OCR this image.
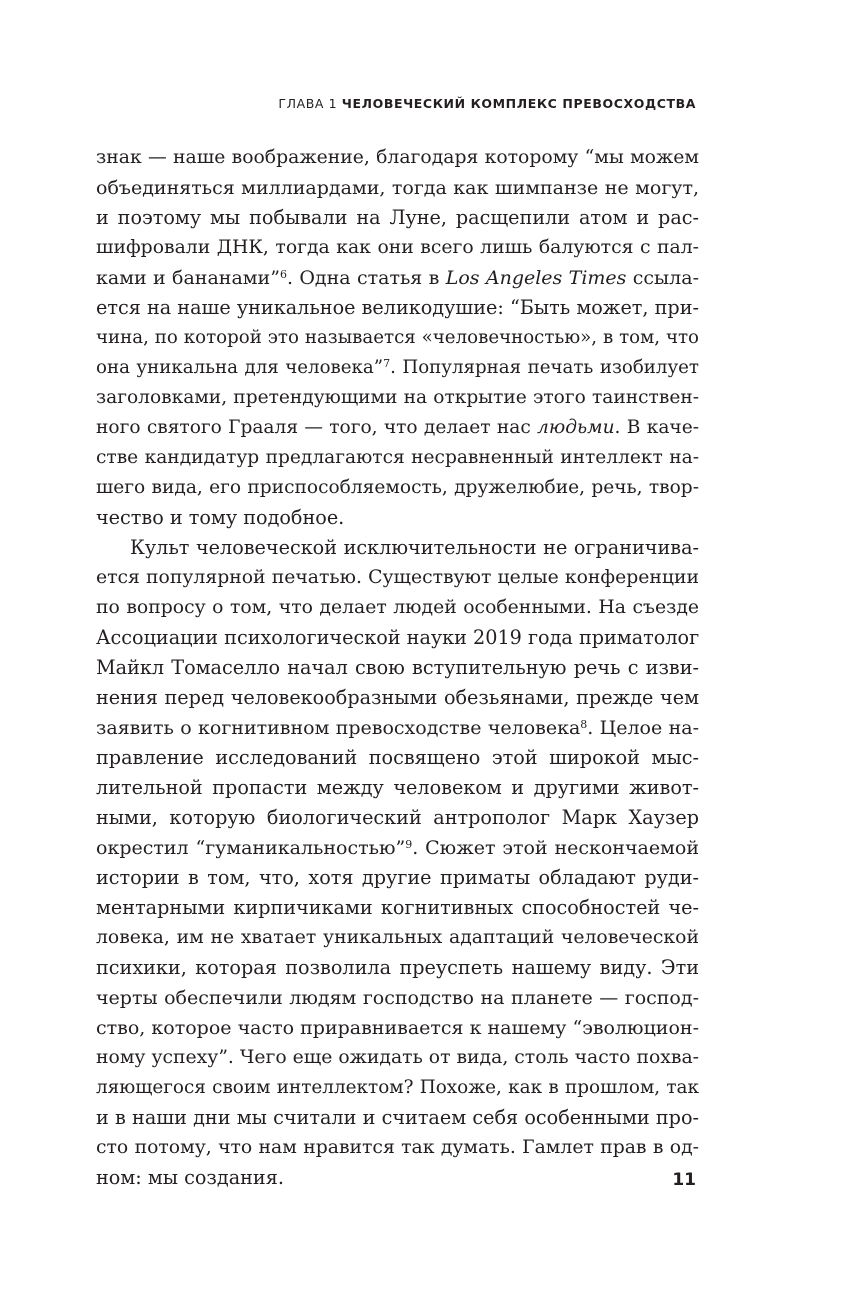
ГЛАВА 1 ЧЕЛОВЕЧЕСКИЙ КОМПЛЕКС ПРЕВОСХОДСТВА
знак — наше воображение, благодаря которому “мы можем
объединяться миллиардами, тогда как шимпанзе не могут,
и поэтому мы побывали на Луне, расщепили атом и рас-
шифровали ДНК, тогда как они всего лишь балуются с пал-
ками и бананами”$^6$. Одна статья в Los Angeles Times ссыла-
ется на наше уникальное великодушие: “Быть может, при-
чина, по которой это называется «человечностью», в том, что
она уникальна для человека”$^7$. Популярная печать изобилует
заголовками, претендующими на открытие этого таинствен-
ного святого Грааля — того, что делает нас людьми. В каче-
стве кандидатур предлагаются несравненный интеллект на-
шего вида, его приспособляемость, дружелюбие, речь, твор-
чество и тому подобное.
Культ человеческой исключительности не ограничива-
ется популярной печатью. Существуют целые конференции
по вопросу о том, что делает людей особенными. На съезде
Ассоциации психологической науки 2019 года приматолог
Майкл Томаселло начал свою вступительную речь с изви-
нения перед человекообразными обезьянами, прежде чем
заявить о когнитивном превосходстве человека$^8$. Целое на-
правление исследований посвящено этой широкой мыс-
лительной пропасти между человеком и другими живот-
ными, которую биологический антрополог Марк Хаузер
окрестил “гуманикальностью”$^9$. Сюжет этой нескончаемой
истории в том, что, хотя другие приматы обладают руди-
ментарными кирпичиками когнитивных способностей че-
ловека, им не хватает уникальных адаптаций человеческой
психики, которая позволила преуспеть нашему виду. Эти
черты обеспечили людям господство на планете — господ-
ство, которое часто приравнивается к нашему “эволюцион-
ному успеху”. Чего еще ожидать от вида, столь часто похва-
ляющегося своим интеллектом? Похоже, как в прошлом, так
и в наши дни мы считали и считаем себя особенными про-
сто потому, что нам нравится так думать. Гамлет прав в од-
ном: мы создания.	11
